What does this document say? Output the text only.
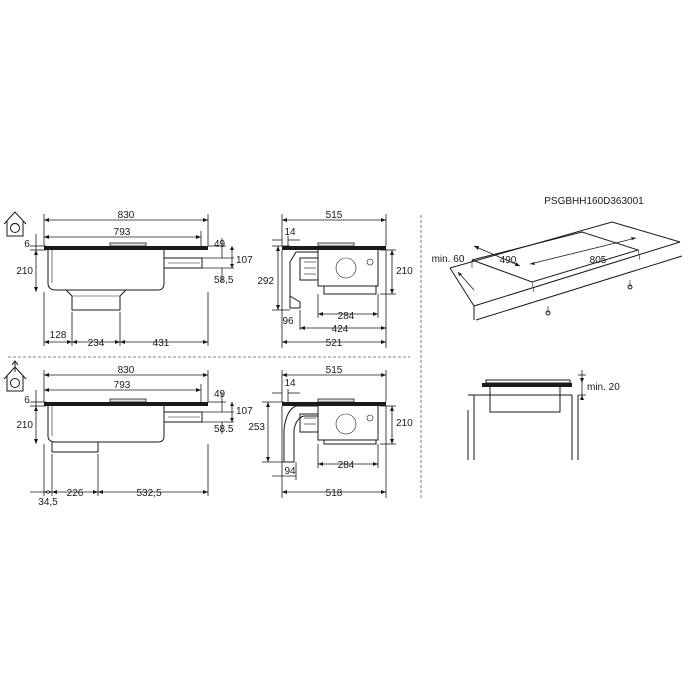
PSGBHH160D363001
830
793
6
210
49
107
58,5
128
234	431
515
14
292
210
284
96
424
521
830
793
6
210
49
107
58.5
34,5
226	532,5
515
14
253	210
284
94
518
490	805
min. 60
min. 20
